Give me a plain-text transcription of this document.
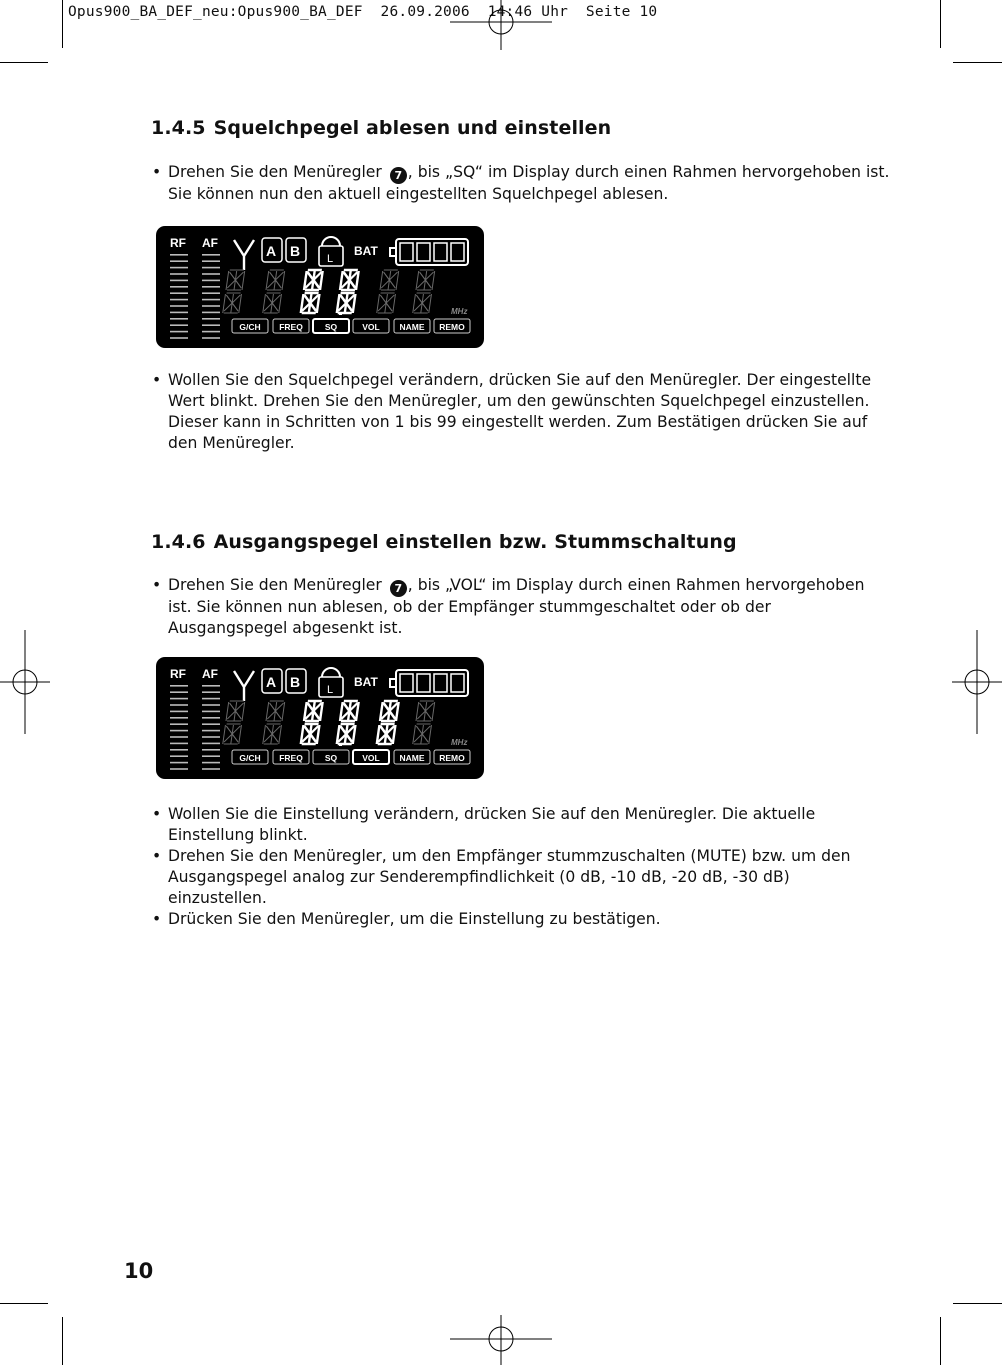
Opus900_BA_DEF_neu:Opus900_BA_DEF  26.09.2006  14:46 Uhr  Seite 10
1.4.5 Squelchpegel ablesen und einstellen
• Drehen Sie den Menüregler 7 , bis „SQ“ im Display durch einen Rahmen hervorgehoben ist. Sie können nun den aktuell eingestellten Squelchpegel ablesen.
RF AF	A B L
BAT
MHz
G/CH FREQ	SQ	VOL NAME REMO
• Wollen Sie den Squelchpegel verändern, drücken Sie auf den Menüregler. Der eingestellte Wert blinkt. Drehen Sie den Menüregler, um den gewünschten Squelchpegel einzustellen. Dieser kann in Schritten von 1 bis 99 eingestellt werden. Zum Bestätigen drücken Sie auf den Menüregler.
1.4.6 Ausgangspegel einstellen bzw. Stummschaltung
• Drehen Sie den Menüregler 7 , bis „VOL“ im Display durch einen Rahmen hervorgehoben ist. Sie können nun ablesen, ob der Empfänger stummgeschaltet oder ob der Ausgangspegel abgesenkt ist.
RF AF	A B L
BAT
MHz
G/CH FREQ	SQ	VOL NAME REMO
• Wollen Sie die Einstellung verändern, drücken Sie auf den Menüregler. Die aktuelle Einstellung blinkt.
• Drehen Sie den Menüregler, um den Empfänger stummzuschalten (MUTE) bzw. um den Ausgangspegel analog zur Senderempfindlichkeit (0 dB, -10 dB, -20 dB, -30 dB) einzustellen.
• Drücken Sie den Menüregler, um die Einstellung zu bestätigen.
10
